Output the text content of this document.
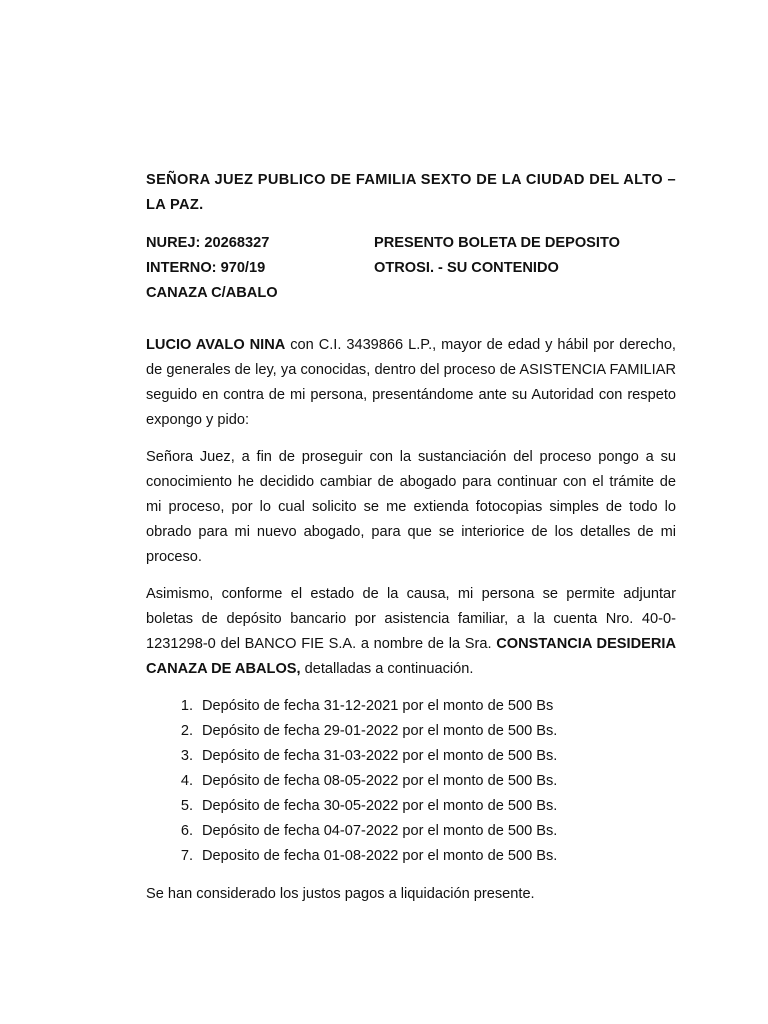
SEÑORA JUEZ PUBLICO DE FAMILIA SEXTO DE LA CIUDAD DEL ALTO – LA PAZ.
NUREJ: 20268327	PRESENTO BOLETA DE DEPOSITO
INTERNO: 970/19	OTROSI. - SU CONTENIDO
CANAZA C/ABALO

LUCIO AVALO NINA con C.I. 3439866 L.P., mayor de edad y hábil por derecho, de generales de ley, ya conocidas, dentro del proceso de ASISTENCIA FAMILIAR seguido en contra de mi persona, presentándome ante su Autoridad con respeto expongo y pido:

Señora Juez, a fin de proseguir con la sustanciación del proceso pongo a su conocimiento he decidido cambiar de abogado para continuar con el trámite de mi proceso, por lo cual solicito se me extienda fotocopias simples de todo lo obrado para mi nuevo abogado, para que se interiorice de los detalles de mi proceso.

Asimismo, conforme el estado de la causa, mi persona se permite adjuntar boletas de depósito bancario por asistencia familiar, a la cuenta Nro. 40-0-1231298-0 del BANCO FIE S.A. a nombre de la Sra. CONSTANCIA DESIDERIA CANAZA DE ABALOS, detalladas a continuación.

1. Depósito de fecha 31-12-2021 por el monto de 500 Bs
2. Depósito de fecha 29-01-2022 por el monto de 500 Bs.
3. Depósito de fecha 31-03-2022 por el monto de 500 Bs.
4. Depósito de fecha 08-05-2022 por el monto de 500 Bs.
5. Depósito de fecha 30-05-2022 por el monto de 500 Bs.
6. Depósito de fecha 04-07-2022 por el monto de 500 Bs.
7. Deposito de fecha 01-08-2022 por el monto de 500 Bs.

Se han considerado los justos pagos a liquidación presente.
